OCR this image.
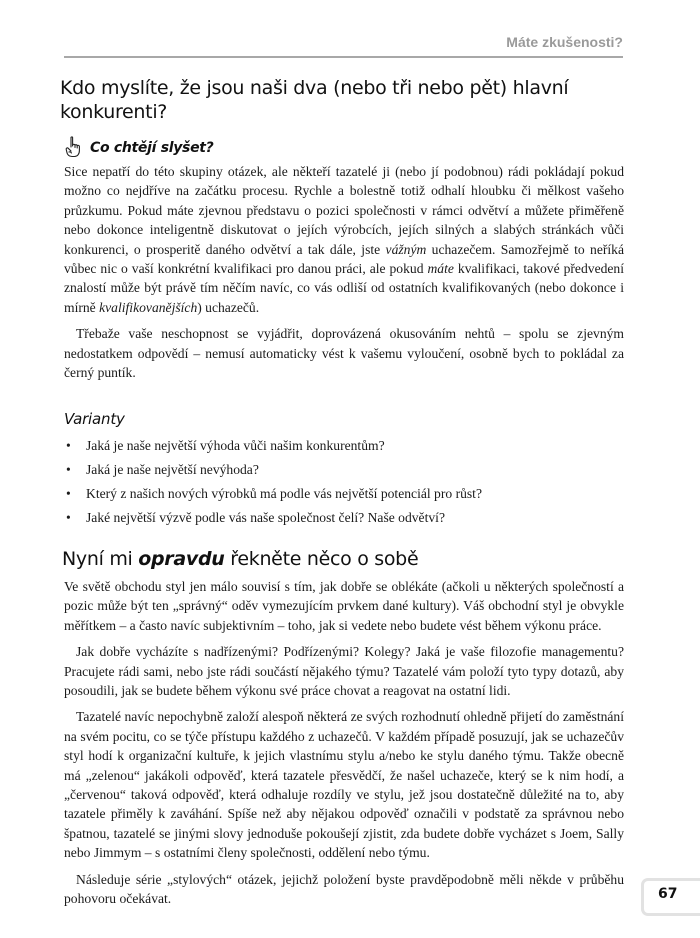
Máte zkušenosti?
Kdo myslíte, že jsou naši dva (nebo tři nebo pět) hlavní konkurenti?
Co chtějí slyšet?

Sice nepatří do této skupiny otázek, ale někteří tazatelé ji (nebo jí podobnou) rádi pokládají pokud možno co nejdříve na začátku procesu. Rychle a bolestně totiž odhalí hloubku či mělkost vašeho průzkumu. Pokud máte zjevnou představu o pozici společnosti v rámci odvětví a můžete přiměřeně nebo dokonce inteligentně diskutovat o jejích výrobcích, jejích silných a slabých stránkách vůči konkurenci, o prosperitě daného odvětví a tak dále, jste vážným uchazečem. Samozřejmě to neříká vůbec nic o vaší konkrétní kvalifikaci pro danou práci, ale pokud máte kvalifikaci, takové předvedení znalostí může být právě tím něčím navíc, co vás odliší od ostatních kvalifikovaných (nebo dokonce i mírně kvalifikovanějších) uchazečů.

Třebaže vaše neschopnost se vyjádřit, doprovázená okusováním nehtů – spolu se zjevným nedostatkem odpovědí – nemusí automaticky vést k vašemu vyloučení, osobně bych to pokládal za černý puntík.

Varianty
• Jaká je naše největší výhoda vůči našim konkurentům?
• Jaká je naše největší nevýhoda?
• Který z našich nových výrobků má podle vás největší potenciál pro růst?
• Jaké největší výzvě podle vás naše společnost čelí? Naše odvětví?
Nyní mi opravdu řekněte něco o sobě

Ve světě obchodu styl jen málo souvisí s tím, jak dobře se oblékáte (ačkoli u některých společností a pozic může být ten „správný“ oděv vymezujícím prvkem dané kultury). Váš obchodní styl je obvykle měřítkem – a často navíc subjektivním – toho, jak si vedete nebo budete vést během výkonu práce.

Jak dobře vycházíte s nadřízenými? Podřízenými? Kolegy? Jaká je vaše filozofie managementu? Pracujete rádi sami, nebo jste rádi součástí nějakého týmu? Tazatelé vám položí tyto typy dotazů, aby posoudili, jak se budete během výkonu své práce chovat a reagovat na ostatní lidi.

Tazatelé navíc nepochybně založí alespoň některá ze svých rozhodnutí ohledně přijetí do zaměstnání na svém pocitu, co se týče přístupu každého z uchazečů. V každém případě posuzují, jak se uchazečův styl hodí k organizační kultuře, k jejich vlastnímu stylu a/nebo ke stylu daného týmu. Takže obecně má „zelenou“ jakákoli odpověď, která tazatele přesvědčí, že našel uchazeče, který se k nim hodí, a „červenou“ taková odpověď, která odhaluje rozdíly ve stylu, jež jsou dostatečně důležité na to, aby tazatele přiměly k zaváhání. Spíše než aby nějakou odpověď označili v podstatě za správnou nebo špatnou, tazatelé se jinými slovy jednoduše pokoušejí zjistit, zda budete dobře vycházet s Joem, Sally nebo Jimmym – s ostatními členy společnosti, oddělení nebo týmu.

Následuje série „stylových“ otázek, jejichž položení byste pravděpodobně měli někde v průběhu pohovoru očekávat.	67
